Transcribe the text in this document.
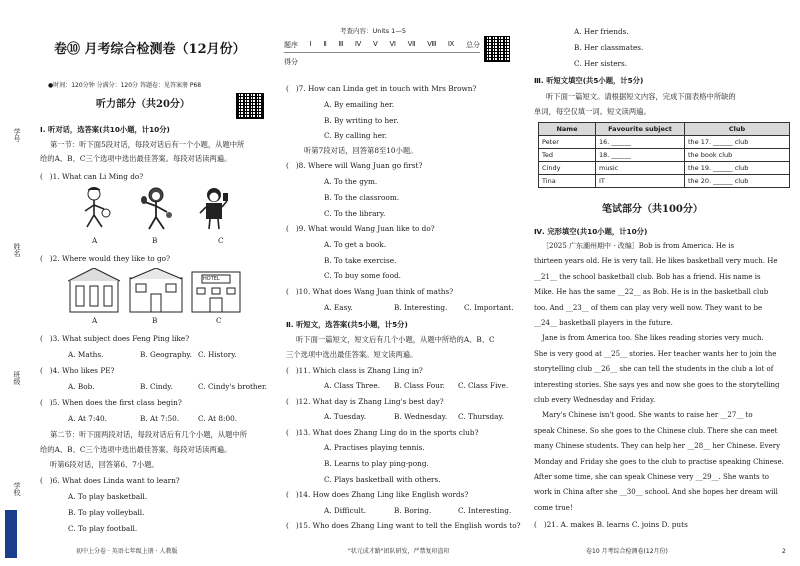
学号
姓名
班级
学校
卷⑩ 月考综合检测卷（12月份）
●时间：120分钟 分满分：120分 答题卷：见答案册 P68
听力部分（共20分）
Ⅰ. 听对话，选答案(共10小题，计10分)
第一节：听下面5段对话，每段对话后有一个小题，从题中所
给的A、B、C三个选项中选出最佳答案。每段对话读两遍。
(   )1. What can Li Ming do?
A	B	C
(   )2. Where would they like to go?
HOTEL
A	B	C
(   )3. What subject does Feng Ping like?
A. Maths.	B. Geography. C. History.
(   )4. Who likes PE?
A. Bob.	B. Cindy.	C. Cindy's brother.
(   )5. When does the first class begin?
A. At 7:40.	B. At 7:50.	C. At 8:00.
第二节：听下面两段对话，每段对话后有几个小题，从题中所
给的A、B、C三个选项中选出最佳答案。每段对话读两遍。
听第6段对话，回答第6、7小题。
(   )6. What does Linda want to learn?
A. To play basketball.
B. To play volleyball.
C. To play football.
初中上分卷 · 英语七年级上册 · 人教版
考查内容：Units 1—5
题序 Ⅰ Ⅱ Ⅲ Ⅳ Ⅴ Ⅵ Ⅶ Ⅷ Ⅸ 总分
得分
(   )7. How can Linda get in touch with Mrs Brown?
A. By emailing her.
B. By writing to her.
C. By calling her.
听第7段对话，回答第8至10小题。
(   )8. Where will Wang Juan go first?
A. To the gym.
B. To the classroom.
C. To the library.
(   )9. What would Wang Juan like to do?
A. To get a book.
B. To take exercise.
C. To buy some food.
(   )10. What does Wang Juan think of maths?
A. Easy.	B. Interesting. C. Important.
Ⅱ. 听短文，选答案(共5小题，计5分)
听下面一篇短文，短文后有几个小题，从题中所给的A、B、C
三个选项中选出最佳答案。短文读两遍。
(   )11. Which class is Zhang Ling in?
A. Class Three. B. Class Four. C. Class Five.
(   )12. What day is Zhang Ling's best day?
A. Tuesday.	B. Wednesday. C. Thursday.
(   )13. What does Zhang Ling do in the sports club?
A. Practises playing tennis.
B. Learns to play ping-pong.
C. Plays basketball with others.
(   )14. How does Zhang Ling like English words?
A. Difficult.	B. Boring.	C. Interesting.
(   )15. Who does Zhang Ling want to tell the English words to?
"状元成才路"团队研发，严禁复印盗印
A. Her friends.
B. Her classmates.
C. Her sisters.
Ⅲ. 听短文填空(共5小题，计5分)
听下面一篇短文。请根据短文内容，完成下面表格中所缺的
单词，每空仅填一词。短文读两遍。
Name	Favourite subject	Club
Peter	16. ______	the 17. ______ club
Ted	18. ______	the book club
Cindy	music	the 19. ______ club
Tina	IT	the 20. ______ club
笔试部分（共100分）
Ⅳ. 完形填空(共10小题，计10分)
［2025 广东潮州期中 · 改编］Bob is from America. He is
thirteen years old. He is very tall. He likes basketball very much. He
__21__ the school basketball club. Bob has a friend. His name is
Mike. He has the same __22__ as Bob. He is in the basketball club
too. And __23__ of them can play very well now. They want to be
__24__ basketball players in the future.
Jane is from America too. She likes reading stories very much.
She is very good at __25__ stories. Her teacher wants her to join the
storytelling club __26__ she can tell the students in the club a lot of
interesting stories. She says yes and now she goes to the storytelling
club every Wednesday and Friday.
Mary's Chinese isn't good. She wants to raise her __27__ to
speak Chinese. So she goes to the Chinese club. There she can meet
many Chinese students. They can help her __28__ her Chinese. Every
Monday and Friday she goes to the club to practise speaking Chinese.
After some time, she can speak Chinese very __29__. She wants to
work in China after she __30__ school. And she hopes her dream will
come true!
(   )21. A. makes B. learns C. joins D. puts
卷10 月考综合检测卷(12月份)	2
